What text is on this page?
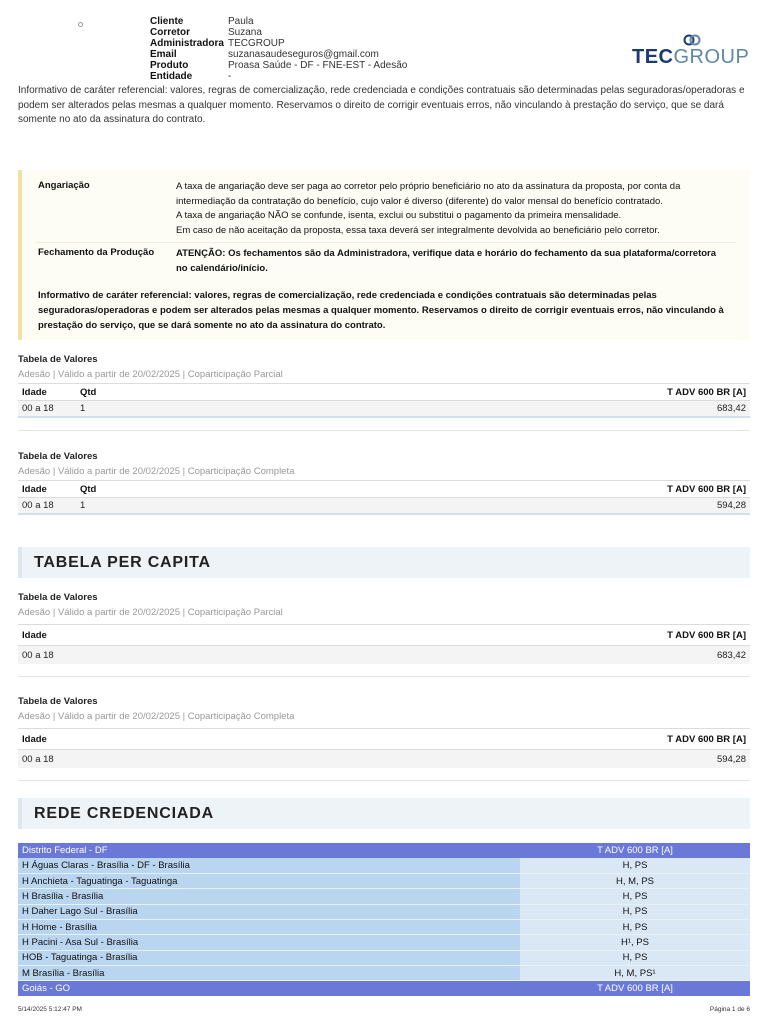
Cliente	Paula
Corretor	Suzana
Administradora TECGROUP
Email	suzanasaudeseguros@gmail.com
Produto	Proasa Saúde - DF - FNE-EST - Adesão
Entidade	-
TECGROUP

Informativo de caráter referencial: valores, regras de comercialização, rede credenciada e condições contratuais são determinadas pelas seguradoras/operadoras e podem ser alterados pelas mesmas a qualquer momento. Reservamos o direito de corrigir eventuais erros, não vinculando à prestação do serviço, que se dará somente no ato da assinatura do contrato.

Angariação	A taxa de angariação deve ser paga ao corretor pelo próprio beneficiário no ato da assinatura da proposta, por conta da intermediação da contratação do benefício, cujo valor é diverso (diferente) do valor mensal do benefício contratado.
A taxa de angariação NÃO se confunde, isenta, exclui ou substitui o pagamento da primeira mensalidade.
Em caso de não aceitação da proposta, essa taxa deverá ser integralmente devolvida ao beneficiário pelo corretor.
Fechamento da Produção	ATENÇÃO: Os fechamentos são da Administradora, verifique data e horário do fechamento da sua plataforma/corretora no calendário/início.

Informativo de caráter referencial: valores, regras de comercialização, rede credenciada e condições contratuais são determinadas pelas seguradoras/operadoras e podem ser alterados pelas mesmas a qualquer momento. Reservamos o direito de corrigir eventuais erros, não vinculando à prestação do serviço, que se dará somente no ato da assinatura do contrato.

Tabela de Valores
Adesão | Válido a partir de 20/02/2025 | Coparticipação Parcial
Idade	Qtd	T ADV 600 BR [A]
00 a 18	1	683,42
Tabela de Valores
Adesão | Válido a partir de 20/02/2025 | Coparticipação Completa
Idade	Qtd	T ADV 600 BR [A]
00 a 18	1	594,28
TABELA PER CAPITA
Tabela de Valores
Adesão | Válido a partir de 20/02/2025 | Coparticipação Parcial
Idade	T ADV 600 BR [A]
00 a 18	683,42
Tabela de Valores
Adesão | Válido a partir de 20/02/2025 | Coparticipação Completa
Idade	T ADV 600 BR [A]
00 a 18	594,28
REDE CREDENCIADA
Distrito Federal - DF	T ADV 600 BR [A]
H Águas Claras - Brasília - DF - Brasília	H, PS
H Anchieta - Taguatinga - Taguatinga	H, M, PS
H Brasília - Brasília	H, PS
H Daher Lago Sul - Brasília	H, PS
H Home - Brasília	H, PS
H Pacini - Asa Sul - Brasília	H¹, PS
HOB - Taguatinga - Brasília	H, PS
M Brasília - Brasília	H, M, PS¹
Goiás - GO	T ADV 600 BR [A]
5/14/2025 5:12:47 PM	Página 1 de 6
